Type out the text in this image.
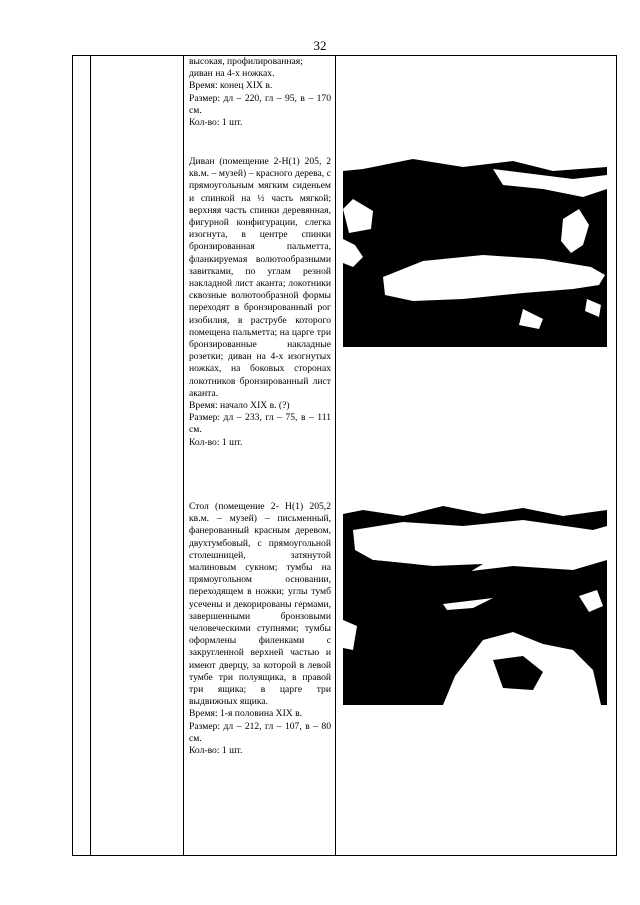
32

высокая, профилированная;

диван на 4-х ножках.

Время: конец XIX в.

Размер: дл – 220, гл – 95, в – 170 см.

Кол-во: 1 шт.

Диван (помещение 2-Н(1) 205, 2 кв.м. – музей) – красного дерева, с прямоугольным мягким сиденьем и спинкой на ½ часть мягкой; верхняя часть спинки деревянная, фигурной конфигурации, слегка изогнута, в центре спинки бронзированная пальметта, фланкируемая волютообразными завитками, по углам резной накладной лист аканта; локотники сквозные волютообразной формы переходят в бронзированный рог изобилия, в раструбе которого помещена пальметта; на царге три бронзированные накладные розетки; диван на 4-х изогнутых ножках, на боковых сторонах локотников бронзированный лист аканта.

Время: начало XIX в. (?)

Размер: дл – 233, гл – 75, в – 111 см.

Кол-во: 1 шт.

Стол (помещение 2- Н(1) 205,2 кв.м. – музей) – письменный, фанерованный красным деревом, двухтумбовый, с прямоугольной столешницей, затянутой малиновым сукном; тумбы на прямоугольном основании, переходящем в ножки; углы тумб усечены и декорированы гермами, завершенными бронзовыми человеческими ступнями; тумбы оформлены филенками с закругленной верхней частью и имеют дверцу, за которой в левой тумбе три полуящика, в правой три ящика; в царге три выдвижных ящика.

Время: 1-я половина XIX в.

Размер: дл – 212, гл – 107, в – 80 см.

Кол-во: 1 шт.
